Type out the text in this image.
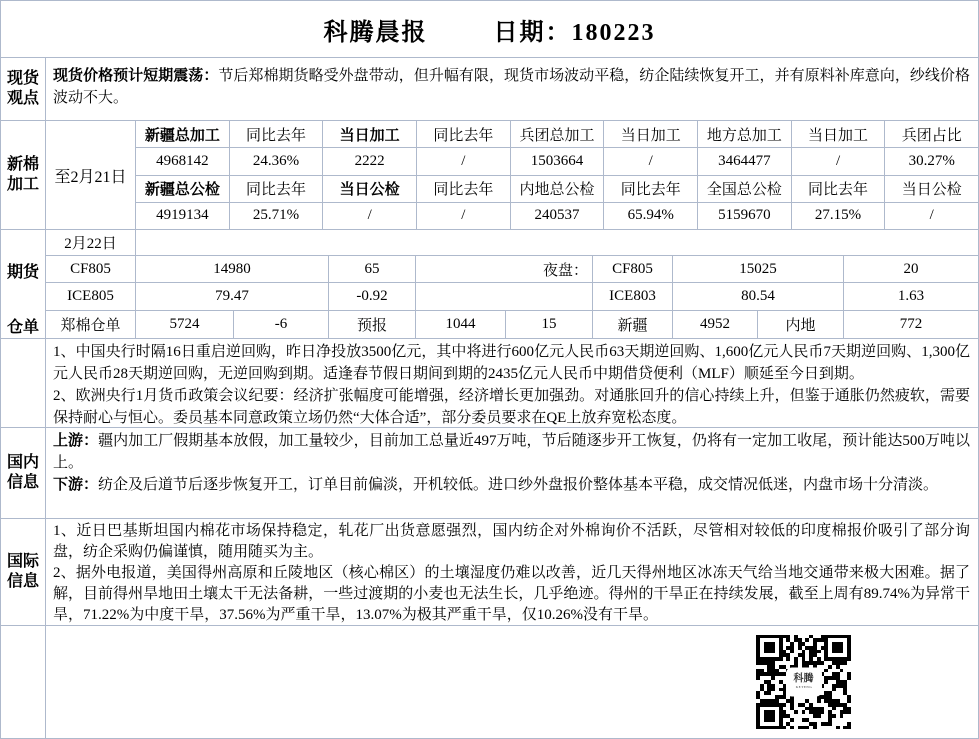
科腾晨报	日期：180223
现货观点

现货价格预计短期震荡：节后郑棉期货略受外盘带动，但升幅有限，现货市场波动平稳，纺企陆续恢复开工，并有原料补库意向，纱线价格波动不大。

新棉加工 至2月21日
新疆总加工	同比去年	当日加工	同比去年	兵团总加工	当日加工	地方总加工	当日加工	兵团占比
4968142	24.36%	2222	/	1503664	/	3464477	/	30.27%
新疆总公检	同比去年	当日公检	同比去年	内地总公检	同比去年	全国总公检	同比去年	当日公检
4919134	25.71%	/	/	240537	65.94%	5159670	27.15%	/
期货
仓单
2月22日
CF805	14980	65	夜盘：	CF805	15025	20
ICE805	79.47	-0.92	ICE803	80.54	1.63
郑棉仓单	5724	-6	预报	1044	15	新疆	4952	内地	772

1、中国央行时隔16日重启逆回购，昨日净投放3500亿元，其中将进行600亿元人民币63天期逆回购、1,600亿元人民币7天期逆回购、1,300亿元人民币28天期逆回购，无逆回购到期。适逢春节假日期间到期的2435亿元人民币中期借贷便利（MLF）顺延至今日到期。

2、欧洲央行1月货币政策会议纪要：经济扩张幅度可能增强，经济增长更加强劲。对通胀回升的信心持续上升，但鉴于通胀仍然疲软，需要保持耐心与恒心。委员基本同意政策立场仍然“大体合适”，部分委员要求在QE上放弃宽松态度。

国内信息

上游：疆内加工厂假期基本放假，加工量较少，目前加工总量近497万吨，节后随逐步开工恢复，仍将有一定加工收尾，预计能达500万吨以上。

下游：纺企及后道节后逐步恢复开工，订单目前偏淡，开机较低。进口纱外盘报价整体基本平稳，成交情况低迷，内盘市场十分清淡。

国际信息

1、近日巴基斯坦国内棉花市场保持稳定，轧花厂出货意愿强烈，国内纺企对外棉询价不活跃，尽管相对较低的印度棉报价吸引了部分询盘，纺企采购仍偏谨慎，随用随买为主。

2、据外电报道，美国得州高原和丘陵地区（核心棉区）的土壤湿度仍难以改善，近几天得州地区冰冻天气给当地交通带来极大困难。据了解，目前得州旱地田土壤太干无法备耕，一些过渡期的小麦也无法生长，几乎绝迹。得州的干旱正在持续发展，截至上周有89.74%为异常干旱，71.22%为中度干旱，37.56%为严重干旱，13.07%为极其严重干旱，仅10.26%没有干旱。

科腾
KETENG
